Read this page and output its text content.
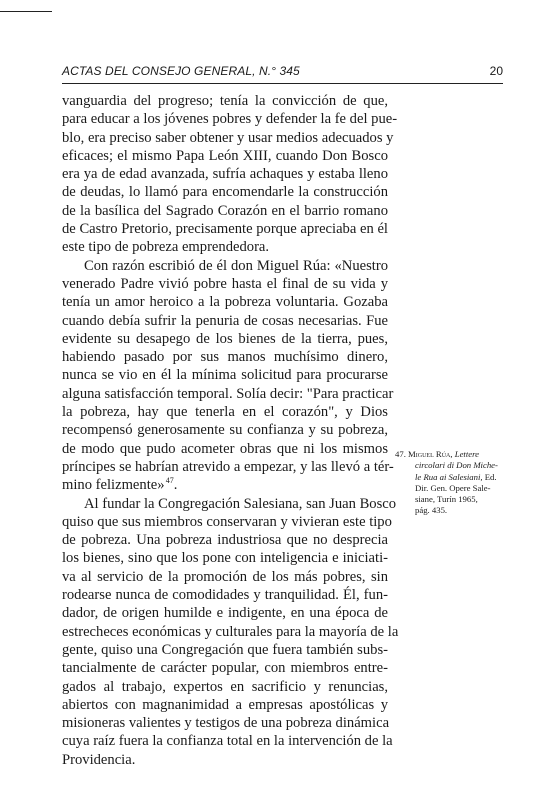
ACTAS DEL CONSEJO GENERAL, N.° 345	20
vanguardia del progreso; tenía la convicción de que,
para educar a los jóvenes pobres y defender la fe del pue-
blo, era preciso saber obtener y usar medios adecuados y
eficaces; el mismo Papa León XIII, cuando Don Bosco
era ya de edad avanzada, sufría achaques y estaba lleno
de deudas, lo llamó para encomendarle la construcción
de la basílica del Sagrado Corazón en el barrio romano
de Castro Pretorio, precisamente porque apreciaba en él
este tipo de pobreza emprendedora.
Con razón escribió de él don Miguel Rúa: «Nuestro
venerado Padre vivió pobre hasta el final de su vida y
tenía un amor heroico a la pobreza voluntaria. Gozaba
cuando debía sufrir la penuria de cosas necesarias. Fue
evidente su desapego de los bienes de la tierra, pues,
habiendo pasado por sus manos muchísimo dinero,
nunca se vio en él la mínima solicitud para procurarse
alguna satisfacción temporal. Solía decir: "Para practicar
la pobreza, hay que tenerla en el corazón", y Dios
recompensó generosamente su confianza y su pobreza,
de modo que pudo acometer obras que ni los mismos
príncipes se habrían atrevido a empezar, y las llevó a tér-
mino felizmente» $^{47}$.
Al fundar la Congregación Salesiana, san Juan Bosco
quiso que sus miembros conservaran y vivieran este tipo
de pobreza. Una pobreza industriosa que no desprecia
los bienes, sino que los pone con inteligencia e iniciati-
va al servicio de la promoción de los más pobres, sin
rodearse nunca de comodidades y tranquilidad. Él, fun-
dador, de origen humilde e indigente, en una época de
estrecheces económicas y culturales para la mayoría de la
gente, quiso una Congregación que fuera también subs-
tancialmente de carácter popular, con miembros entre-
gados al trabajo, expertos en sacrificio y renuncias,
abiertos con magnanimidad a empresas apostólicas y
misioneras valientes y testigos de una pobreza dinámica
cuya raíz fuera la confianza total en la intervención de la
Providencia.
47. Miguel Rúa, Lettere
circolari di Don Miche-
le Rua ai Salesiani, Ed.
Dir. Gen. Opere Sale-
siane, Turín 1965,
pág. 435.
